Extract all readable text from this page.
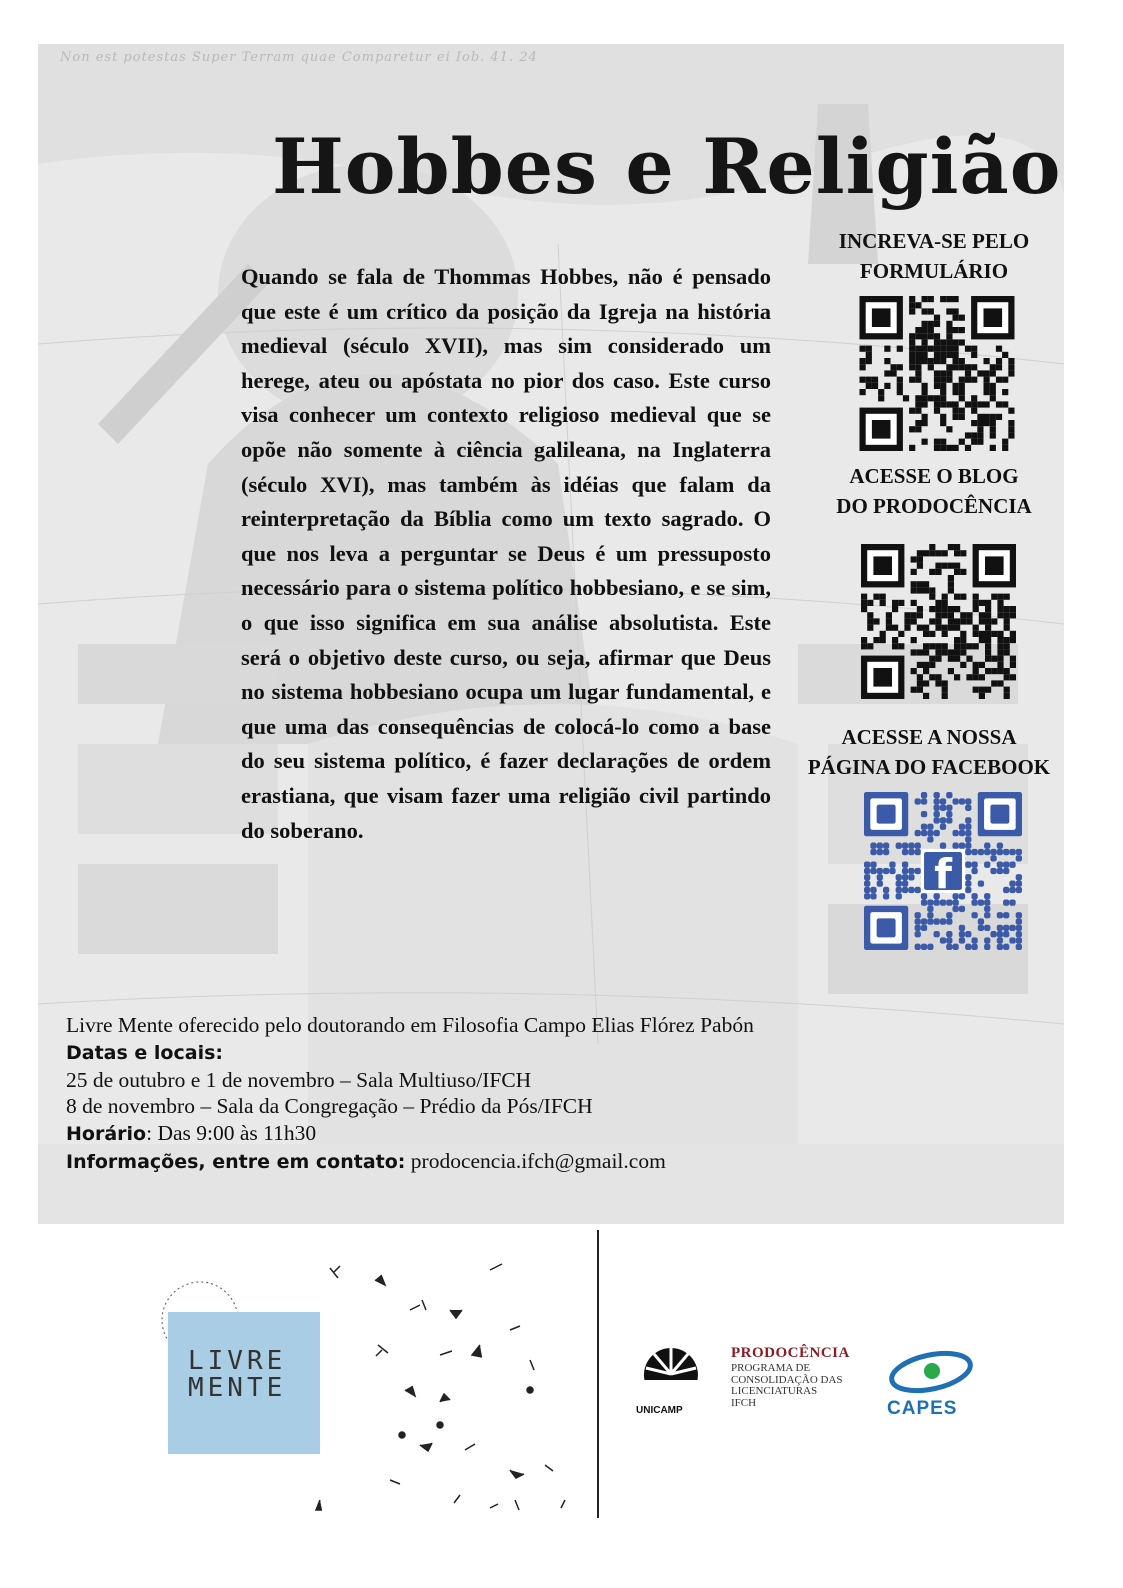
Non est potestas Super Terram quae Comparetur ei Iob. 41. 24
Hobbes e Religião
Quando se fala de Thommas Hobbes, não é pensado que este é um crítico da posição da Igreja na história medieval (século XVII), mas sim considerado um herege, ateu ou apóstata no pior dos caso. Este curso visa conhecer um contexto religioso medieval que se opõe não somente à ciência galileana, na Inglaterra (século XVI), mas também às idéias que falam da reinterpretação da Bíblia como um texto sagrado. O que nos leva a perguntar se Deus é um pressuposto necessário para o sistema político hobbesiano, e se sim, o que isso significa em sua análise absolutista. Este será o objetivo deste curso, ou seja, afirmar que Deus no sistema hobbesiano ocupa um lugar fundamental, e que uma das consequências de colocá-lo como a base do seu sistema político, é fazer declarações de ordem erastiana, que visam fazer uma religião civil partindo do soberano.
INCREVA-SE PELO
FORMULÁRIO
ACESSE O BLOG
DO PRODOCÊNCIA
ACESSE A NOSSA
PÁGINA DO FACEBOOK
f
Livre Mente oferecido pelo doutorando em Filosofia Campo Elias Flórez Pabón
Datas e locais:
25 de outubro e 1 de novembro – Sala Multiuso/IFCH
8 de novembro – Sala da Congregação – Prédio da Pós/IFCH
Horário: Das 9:00 às 11h30
Informações, entre em contato: prodocencia.ifch@gmail.com
LIVRE
MENTE
UNICAMP
PRODOCÊNCIA
PROGRAMA DE
CONSOLIDAÇÃO DAS
LICENCIATURAS
IFCH	CAPES
